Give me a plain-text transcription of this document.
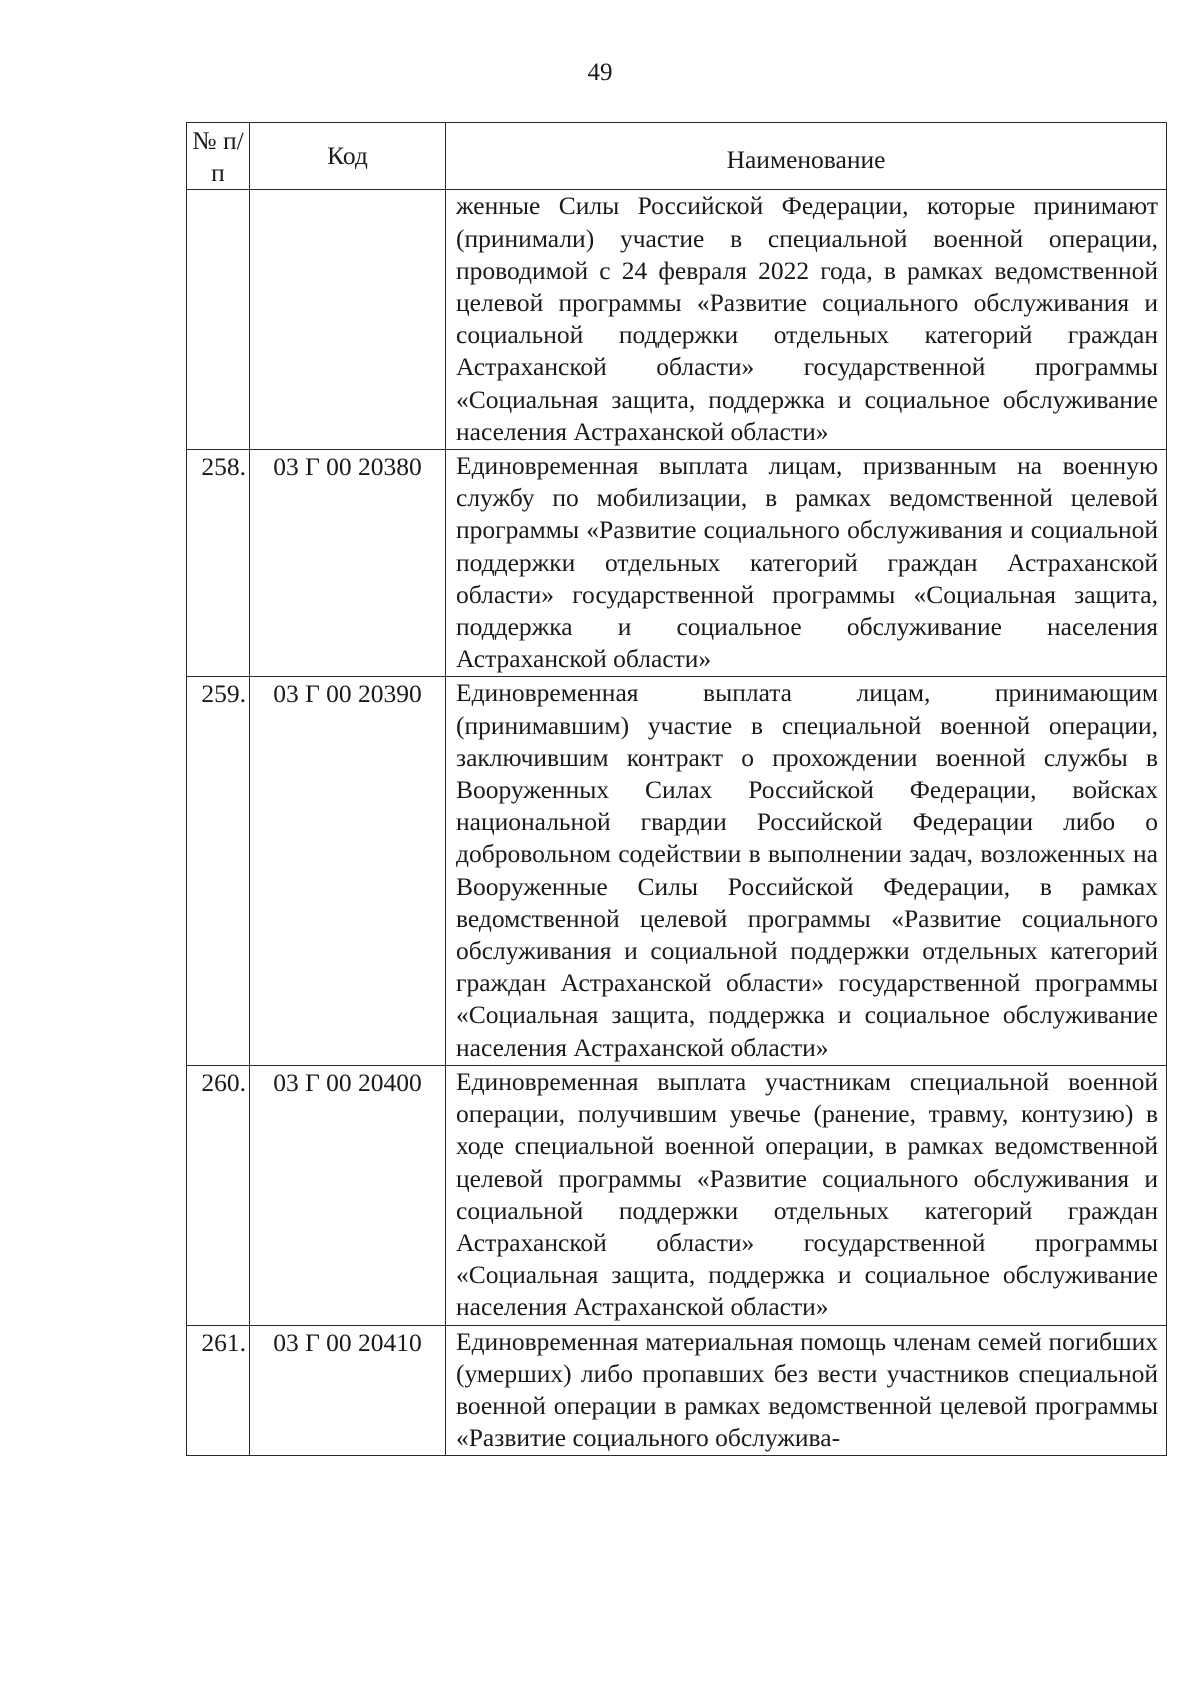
49
№ п/п	Код	Наименование
		женные Силы Российской Федерации, которые принимают (принимали) участие в специальной военной операции, проводимой с 24 февраля 2022 года, в рамках ведомственной целевой программы «Развитие социального обслуживания и социальной поддержки отдельных категорий граждан Астраханской области» государственной программы «Социальная защита, поддержка и социальное обслуживание населения Астраханской области»
258.	03 Г 00 20380	Единовременная выплата лицам, призванным на военную службу по мобилизации, в рамках ведомственной целевой программы «Развитие социального обслуживания и социальной поддержки отдельных категорий граждан Астраханской области» государственной программы «Социальная защита, поддержка и социальное обслуживание населения Астраханской области»
259.	03 Г 00 20390	Единовременная выплата лицам, принимающим (принимавшим) участие в специальной военной операции, заключившим контракт о прохождении военной службы в Вооруженных Силах Российской Федерации, войсках национальной гвардии Российской Федерации либо о добровольном содействии в выполнении задач, возложенных на Вооруженные Силы Российской Федерации, в рамках ведомственной целевой программы «Развитие социального обслуживания и социальной поддержки отдельных категорий граждан Астраханской области» государственной программы «Социальная защита, поддержка и социальное обслуживание населения Астраханской области»
260.	03 Г 00 20400	Единовременная выплата участникам специальной военной операции, получившим увечье (ранение, травму, контузию) в ходе специальной военной операции, в рамках ведомственной целевой программы «Развитие социального обслуживания и социальной поддержки отдельных категорий граждан Астраханской области» государственной программы «Социальная защита, поддержка и социальное обслуживание населения Астраханской области»
261.	03 Г 00 20410	Единовременная материальная помощь членам семей погибших (умерших) либо пропавших без вести участников специальной военной операции в рамках ведомственной целевой программы «Развитие социального обслужива-
